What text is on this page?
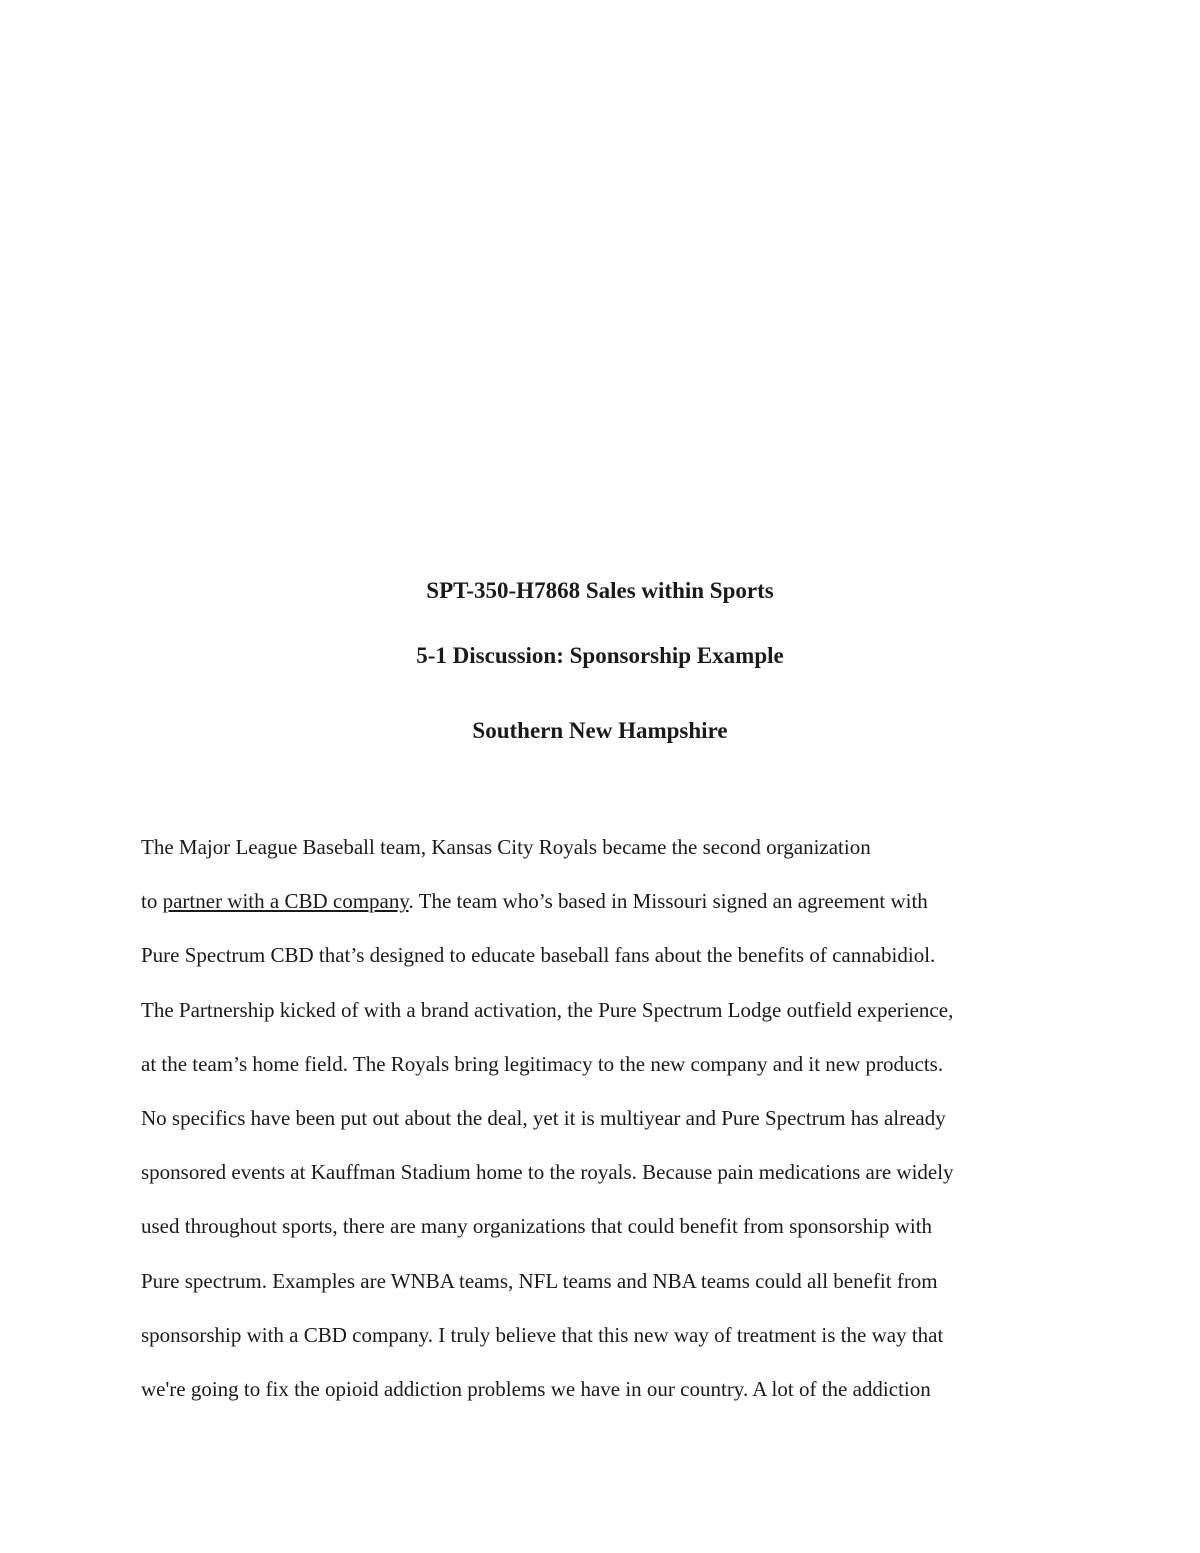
SPT-350-H7868 Sales within Sports

5-1 Discussion: Sponsorship Example

Southern New Hampshire

The Major League Baseball team, Kansas City Royals became the second organization

to partner with a CBD company. The team who’s based in Missouri signed an agreement with

Pure Spectrum CBD that’s designed to educate baseball fans about the benefits of cannabidiol.

The Partnership kicked of with a brand activation, the Pure Spectrum Lodge outfield experience,

at the team’s home field. The Royals bring legitimacy to the new company and it new products.

No specifics have been put out about the deal, yet it is multiyear and Pure Spectrum has already

sponsored events at Kauffman Stadium home to the royals. Because pain medications are widely

used throughout sports, there are many organizations that could benefit from sponsorship with

Pure spectrum. Examples are WNBA teams, NFL teams and NBA teams could all benefit from

sponsorship with a CBD company. I truly believe that this new way of treatment is the way that

we're going to fix the opioid addiction problems we have in our country. A lot of the addiction
